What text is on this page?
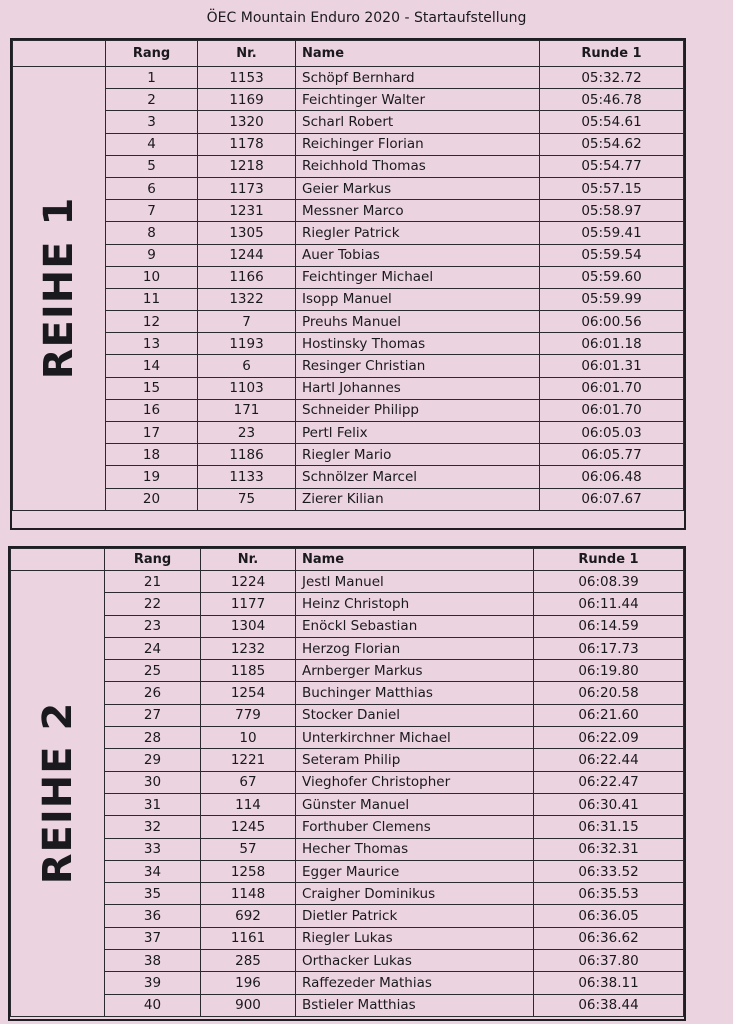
ÖEC Mountain Enduro 2020 - Startaufstellung
	Rang	Nr.	Name	Runde 1

REIHE 1	1	1153	Schöpf Bernhard	05:32.72
	2	1169	Feichtinger Walter	05:46.78
	3	1320	Scharl Robert	05:54.61
	4	1178	Reichinger Florian	05:54.62
	5	1218	Reichhold Thomas	05:54.77
	6	1173	Geier Markus	05:57.15
	7	1231	Messner Marco	05:58.97
	8	1305	Riegler Patrick	05:59.41
	9	1244	Auer Tobias	05:59.54
	10	1166	Feichtinger Michael	05:59.60
	11	1322	Isopp Manuel	05:59.99
	12	7	Preuhs Manuel	06:00.56
	13	1193	Hostinsky Thomas	06:01.18
	14	6	Resinger Christian	06:01.31
	15	1103	Hartl Johannes	06:01.70
	16	171	Schneider Philipp	06:01.70
	17	23	Pertl Felix	06:05.03
	18	1186	Riegler Mario	06:05.77
	19	1133	Schnölzer Marcel	06:06.48
	20	75	Zierer Kilian	06:07.67
	Rang	Nr.	Name	Runde 1

REIHE 2	21	1224	Jestl Manuel	06:08.39
	22	1177	Heinz Christoph	06:11.44
	23	1304	Enöckl Sebastian	06:14.59
	24	1232	Herzog Florian	06:17.73
	25	1185	Arnberger Markus	06:19.80
	26	1254	Buchinger Matthias	06:20.58
	27	779	Stocker Daniel	06:21.60
	28	10	Unterkirchner Michael	06:22.09
	29	1221	Seteram Philip	06:22.44
	30	67	Vieghofer Christopher	06:22.47
	31	114	Günster Manuel	06:30.41
	32	1245	Forthuber Clemens	06:31.15
	33	57	Hecher Thomas	06:32.31
	34	1258	Egger Maurice	06:33.52
	35	1148	Craigher Dominikus	06:35.53
	36	692	Dietler Patrick	06:36.05
	37	1161	Riegler Lukas	06:36.62
	38	285	Orthacker Lukas	06:37.80
	39	196	Raffezeder Mathias	06:38.11
	40	900	Bstieler Matthias	06:38.44
